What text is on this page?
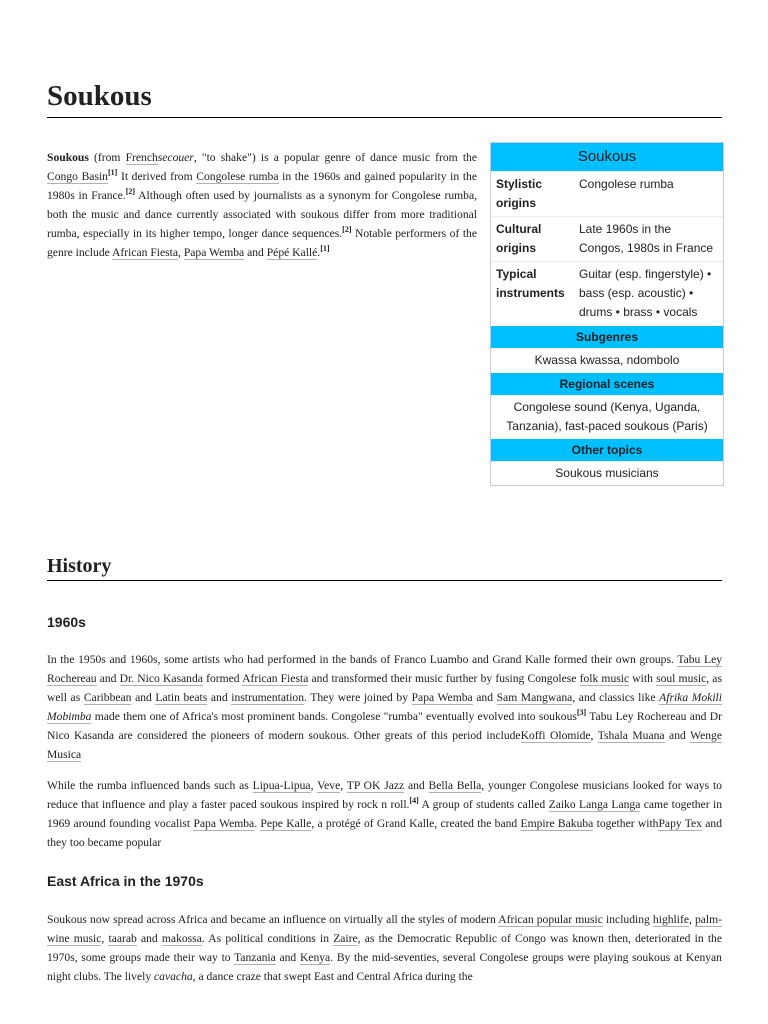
Soukous

Soukous (from Frenchsecouer, "to shake") is a popular genre of dance music from the Congo Basin[1] It derived from Congolese rumba in the 1960s and gained popularity in the 1980s in France.[2] Although often used by journalists as a synonym for Congolese rumba, both the music and dance currently associated with soukous differ from more traditional rumba, especially in its higher tempo, longer dance sequences.[2] Notable performers of the genre include African Fiesta, Papa Wemba and Pépé Kallé.[1]

Soukous
Stylistic origins
Congolese rumba
Cultural origins
Late 1960s in the Congos, 1980s in France
Typical instruments
Guitar (esp. fingerstyle) • bass (esp. acoustic) • drums • brass • vocals
Subgenres
Kwassa kwassa, ndombolo
Regional scenes
Congolese sound (Kenya, Uganda, Tanzania), fast-paced soukous (Paris)
Other topics
Soukous musicians
History
1960s

In the 1950s and 1960s, some artists who had performed in the bands of Franco Luambo and Grand Kalle formed their own groups. Tabu Ley Rochereau and Dr. Nico Kasanda formed African Fiesta and transformed their music further by fusing Congolese folk music with soul music, as well as Caribbean and Latin beats and instrumentation. They were joined by Papa Wemba and Sam Mangwana, and classics like Afrika Mokili Mobimba made them one of Africa's most prominent bands. Congolese "rumba" eventually evolved into soukous[3] Tabu Ley Rochereau and Dr Nico Kasanda are considered the pioneers of modern soukous. Other greats of this period includeKoffi Olomide, Tshala Muana and Wenge Musica

While the rumba influenced bands such as Lipua-Lipua, Veve, TP OK Jazz and Bella Bella, younger Congolese musicians looked for ways to reduce that influence and play a faster paced soukous inspired by rock n roll.[4] A group of students called Zaiko Langa Langa came together in 1969 around founding vocalist Papa Wemba. Pepe Kalle, a protégé of Grand Kalle, created the band Empire Bakuba together withPapy Tex and they too became popular

East Africa in the 1970s

Soukous now spread across Africa and became an influence on virtually all the styles of modern African popular music including highlife, palm-wine music, taarab and makossa. As political conditions in Zaire, as the Democratic Republic of Congo was known then, deteriorated in the 1970s, some groups made their way to Tanzania and Kenya. By the mid-seventies, several Congolese groups were playing soukous at Kenyan night clubs. The lively cavacha, a dance craze that swept East and Central Africa during the
